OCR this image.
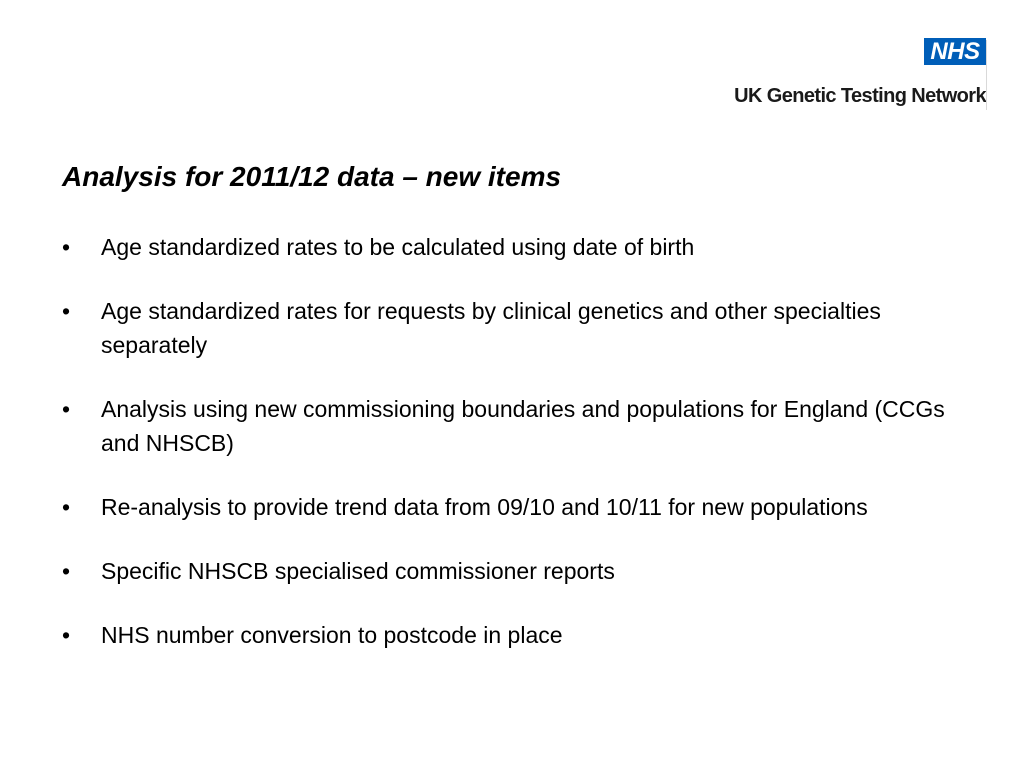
NHS
UK Genetic Testing Network
Analysis for 2011/12 data – new items
• Age standardized rates to be calculated using date of birth
• Age standardized rates for requests by clinical genetics and other specialties separately
• Analysis using new commissioning boundaries and populations for England (CCGs and NHSCB)
• Re-analysis to provide trend data from 09/10 and 10/11 for new populations
• Specific NHSCB specialised commissioner reports
• NHS number conversion to postcode in place
